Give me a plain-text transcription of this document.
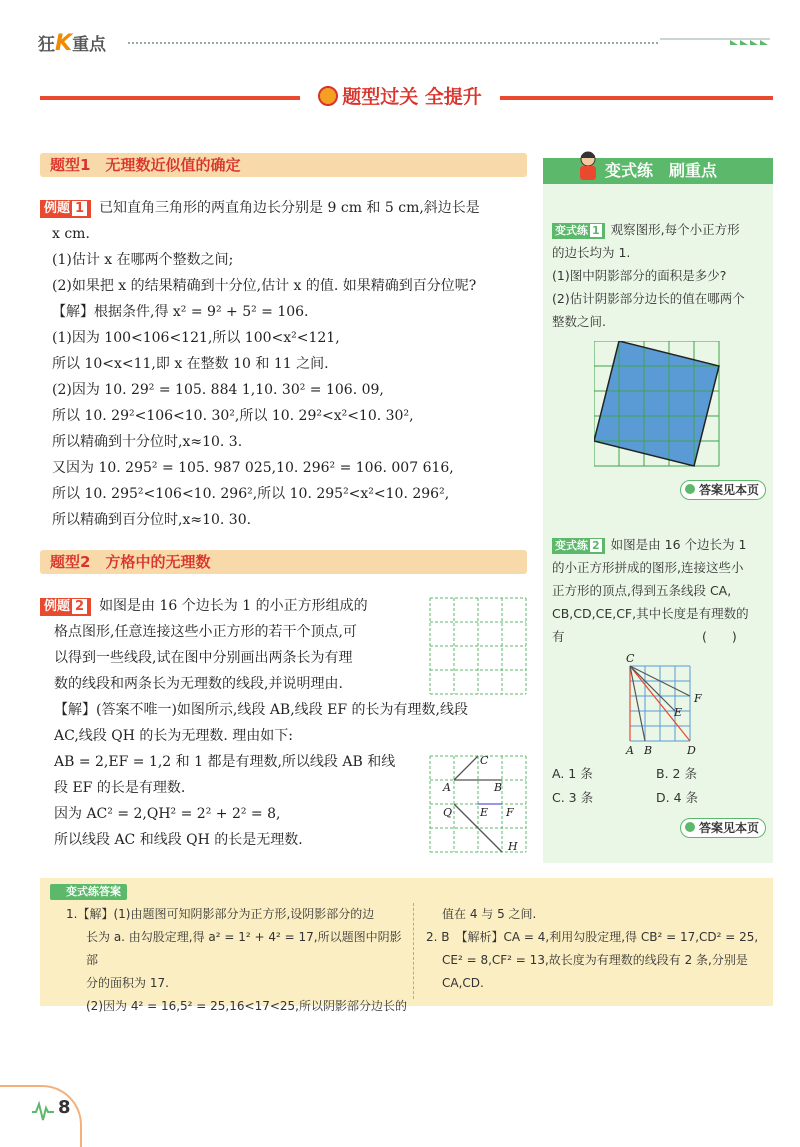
狂K重点
题型过关 全提升
题型1　无理数近似值的确定

例题 1 已知直角三角形的两直角边长分别是 9 cm 和 5 cm,斜边长是

x cm.

(1)估计 x 在哪两个整数之间;

(2)如果把 x 的结果精确到十分位,估计 x 的值. 如果精确到百分位呢?

【解】根据条件,得 x² = 9² + 5² = 106.

(1)因为 100<106<121,所以 100<x²<121,

所以 10<x<11,即 x 在整数 10 和 11 之间.

(2)因为 10. 29² = 105. 884 1,10. 30² = 106. 09,

所以 10. 29²<106<10. 30²,所以 10. 29²<x²<10. 30²,

所以精确到十分位时,x≈10. 3.

又因为 10. 295² = 105. 987 025,10. 296² = 106. 007 616,

所以 10. 295²<106<10. 296²,所以 10. 295²<x²<10. 296²,

所以精确到百分位时,x≈10. 30.

题型2　方格中的无理数

例题 2 如图是由 16 个边长为 1 的小正方形组成的

格点图形,任意连接这些小正方形的若干个顶点,可

以得到一些线段,试在图中分别画出两条长为有理

数的线段和两条长为无理数的线段,并说明理由.

【解】(答案不唯一)如图所示,线段 AB,线段 EF 的长为有理数,线段

AC,线段 QH 的长为无理数. 理由如下:

AB = 2,EF = 1,2 和 1 都是有理数,所以线段 AB 和线

段 EF 的长是有理数.

因为 AC² = 2,QH² = 2² + 2² = 8,

所以线段 AC 和线段 QH 的长是无理数.

C
A	B
Q	E F
H
变式练　刷重点

变式练 1 观察图形,每个小正方形

的边长均为 1.

(1)图中阴影部分的面积是多少?

(2)估计阴影部分边长的值在哪两个

整数之间.

答案见本页

变式练 2 如图是由 16 个边长为 1

的小正方形拼成的图形,连接这些小

正方形的顶点,得到五条线段 CA,

CB,CD,CE,CF,其中长度是有理数的

有　　　　　　　　　　　(　　)

C
A B	D
E
F
A. 1 条	B. 2 条
C. 3 条	D. 4 条
答案见本页
变式练答案

1.【解】(1)由题图可知阴影部分为正方形,设阴影部分的边

长为 a. 由勾股定理,得 a² = 1² + 4² = 17,所以题图中阴影部

分的面积为 17.

(2)因为 4² = 16,5² = 25,16<17<25,所以阴影部分边长的

值在 4 与 5 之间.

2. B　【解析】CA = 4,利用勾股定理,得 CB² = 17,CD² = 25,

CE² = 8,CF² = 13,故长度为有理数的线段有 2 条,分别是

CA,CD.

8
